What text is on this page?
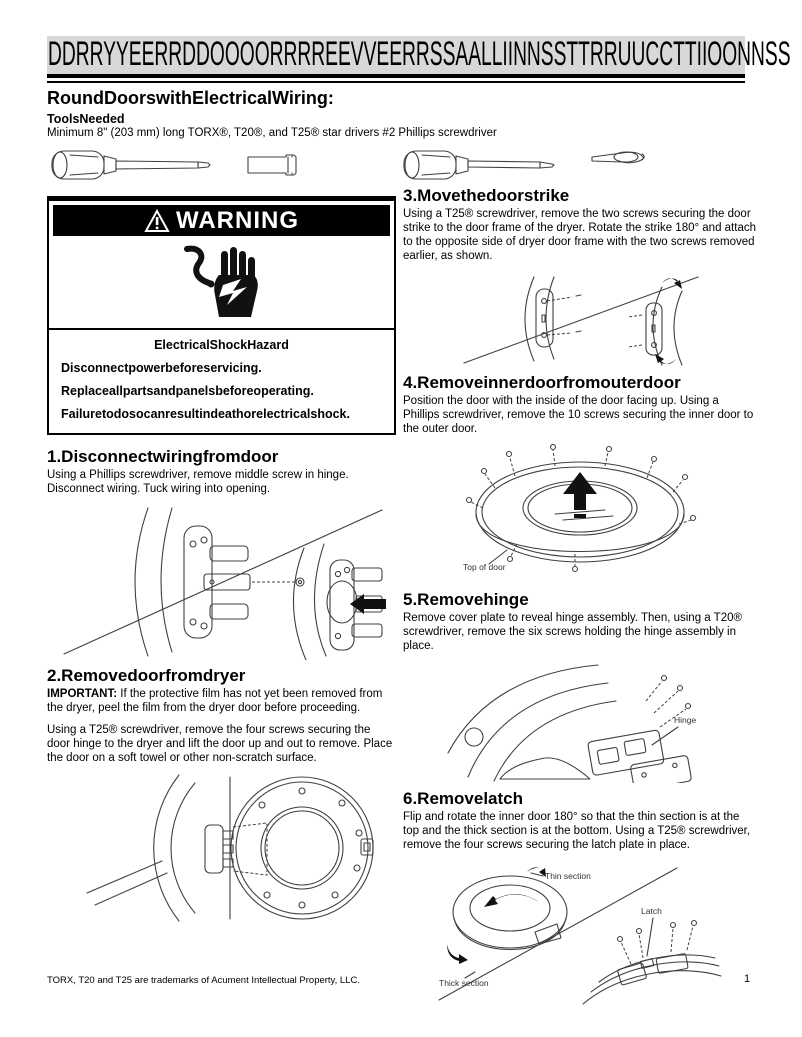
DDRRYYEERRDDOOOORRRREEVVEERRSSAALLIINNSSTTRRUUCCTTIIOONNSS
RoundDoorswithElectricalWiring:
ToolsNeeded
Minimum 8" (203 mm) long TORX®, T20®, and T25® star drivers #2 Phillips screwdriver
WARNING
ElectricalShockHazard
Disconnectpowerbeforeservicing.
Replaceallpartsandpanelsbeforeoperating.
Failuretodosocanresultindeathorelectricalshock.
1.Disconnectwiringfromdoor

Using a Phillips screwdriver, remove middle screw in hinge. Disconnect wiring. Tuck wiring into opening.

2.Removedoorfromdryer

IMPORTANT: If the protective film has not yet been removed from the dryer, peel the film from the dryer door before proceeding.

Using a T25® screwdriver, remove the four screws securing the door hinge to the dryer and lift the door up and out to remove. Place the door on a soft towel or other non-scratch surface.

3.Movethedoorstrike

Using a T25® screwdriver, remove the two screws securing the door strike to the door frame of the dryer. Rotate the strike 180° and attach to the opposite side of dryer door frame with the two screws removed earlier, as shown.

4.Removeinnerdoorfromouterdoor

Position the door with the inside of the door facing up. Using a Phillips screwdriver, remove the 10 screws securing the inner door to the outer door.

Top of door
5.Removehinge

Remove cover plate to reveal hinge assembly. Then, using a T20® screwdriver, remove the six screws holding the hinge assembly in place.

Hinge
6.Removelatch

Flip and rotate the inner door 180° so that the thin section is at the top and the thick section is at the bottom. Using a T25® screwdriver, remove the four screws securing the latch plate in place.

Thin section
Thick section
Latch
TORX, T20 and T25 are trademarks of Acument Intellectual Property, LLC.	1
